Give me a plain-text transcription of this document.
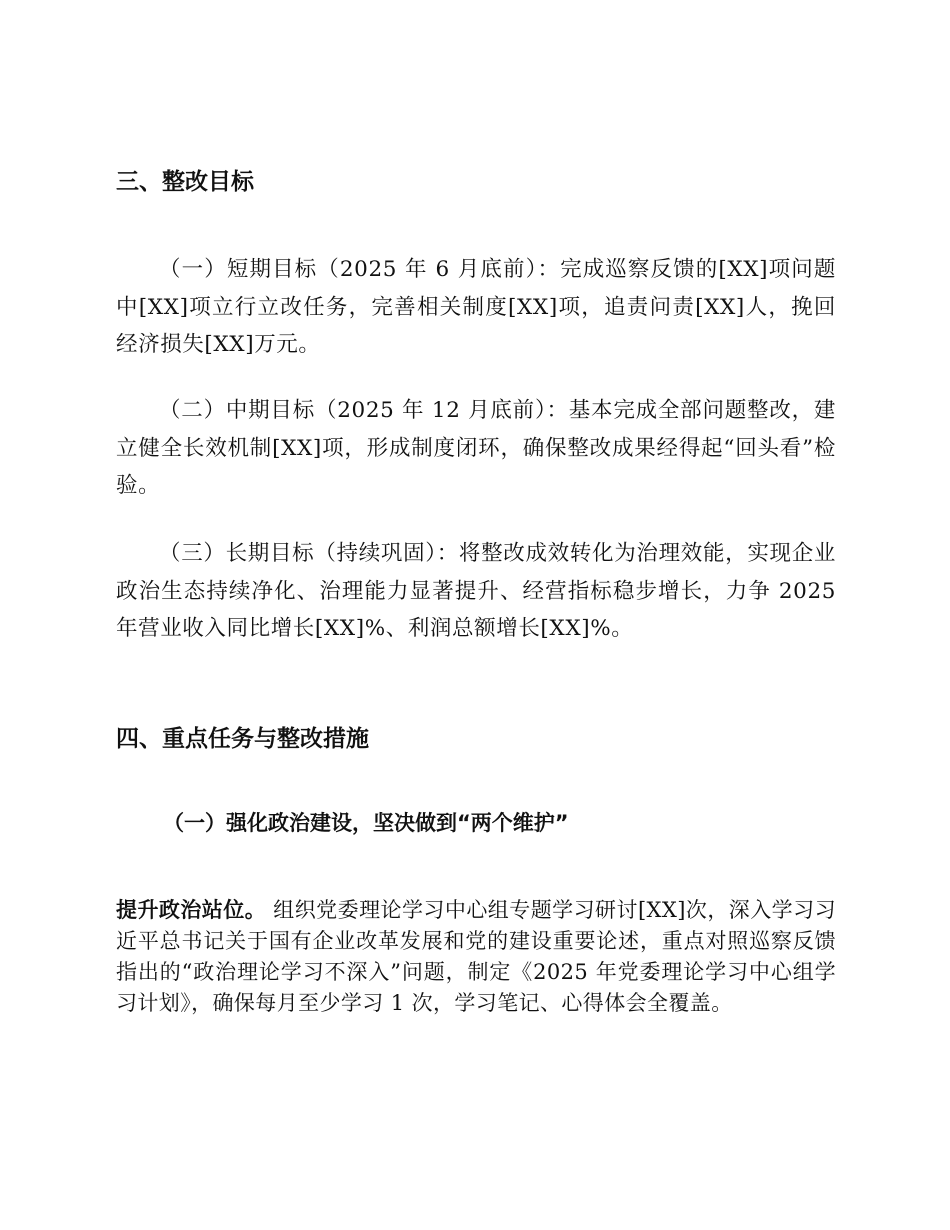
三、整改目标

（一）短期目标（2025 年 6 月底前）：完成巡察反馈的[XX]项问题中[XX]项立行立改任务，完善相关制度[XX]项，追责问责[XX]人，挽回经济损失[XX]万元。

（二）中期目标（2025 年 12 月底前）：基本完成全部问题整改，建立健全长效机制[XX]项，形成制度闭环，确保整改成果经得起“回头看”检验。

（三）长期目标（持续巩固）：将整改成效转化为治理效能，实现企业政治生态持续净化、治理能力显著提升、经营指标稳步增长，力争 2025 年营业收入同比增长[XX]%、利润总额增长[XX]%。

四、重点任务与整改措施
（一）强化政治建设，坚决做到“两个维护”

提升政治站位。 组织党委理论学习中心组专题学习研讨[XX]次，深入学习习近平总书记关于国有企业改革发展和党的建设重要论述，重点对照巡察反馈指出的“政治理论学习不深入”问题，制定《2025 年党委理论学习中心组学习计划》，确保每月至少学习 1 次，学习笔记、心得体会全覆盖。
